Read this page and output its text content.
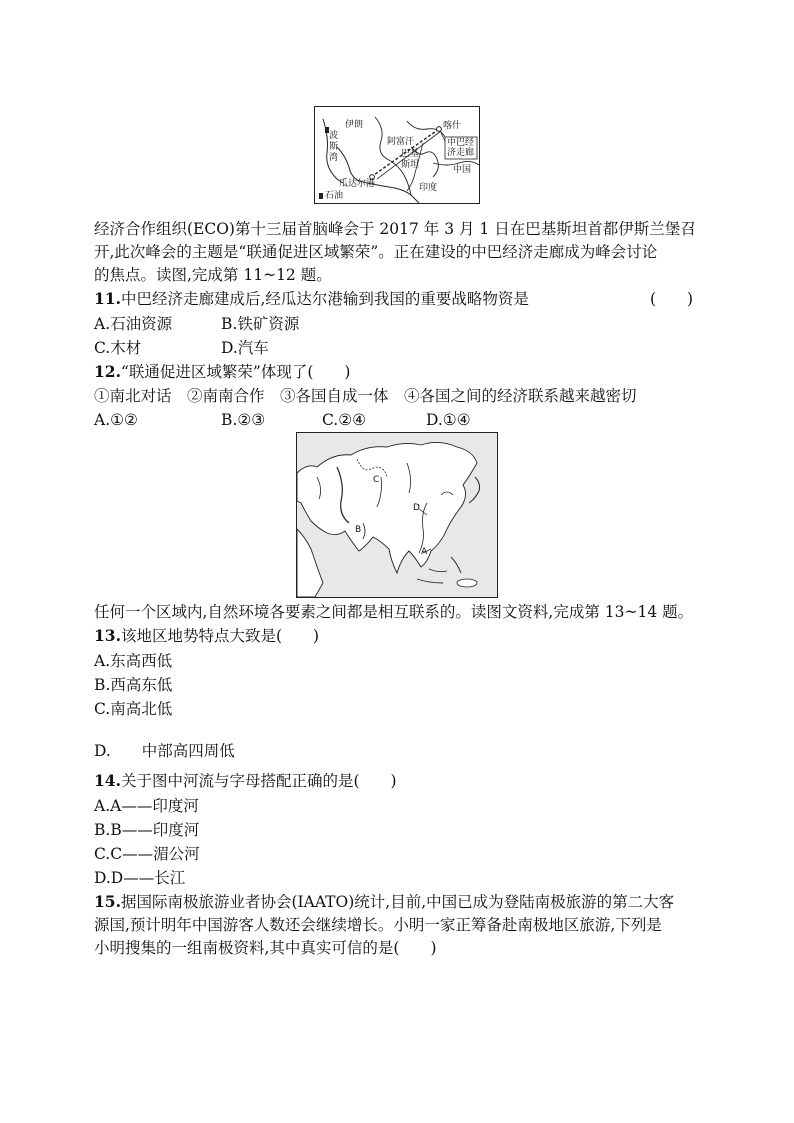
伊朗
波斯湾
阿富汗
喀什
中巴经济走廊
巴基斯坦
瓜达尔港	印度
中国
石油
经济合作组织(ECO)第十三届首脑峰会于 2017 年 3 月 1 日在巴基斯坦首都伊斯兰堡召
开,此次峰会的主题是“联通促进区域繁荣”。正在建设的中巴经济走廊成为峰会讨论
的焦点。读图,完成第 11~12 题。
11.中巴经济走廊建成后,经瓜达尔港输到我国的重要战略物资是	(　　)
A.石油资源	B.铁矿资源
C.木材	D.汽车
12.“联通促进区域繁荣”体现了(　　)
①南北对话　②南南合作　③各国自成一体　④各国之间的经济联系越来越密切
A.①②	B.②③	C.②④	D.①④
C
D
B
A
任何一个区域内,自然环境各要素之间都是相互联系的。读图文资料,完成第 13~14 题。
13.该地区地势特点大致是(　　)
A.东高西低
B.西高东低
C.南高北低
D.　　中部高四周低
14.关于图中河流与字母搭配正确的是(　　)
A.A——印度河
B.B——印度河
C.C——湄公河
D.D——长江
15.据国际南极旅游业者协会(IAATO)统计,目前,中国已成为登陆南极旅游的第二大客
源国,预计明年中国游客人数还会继续增长。小明一家正筹备赴南极地区旅游,下列是
小明搜集的一组南极资料,其中真实可信的是(　　)
